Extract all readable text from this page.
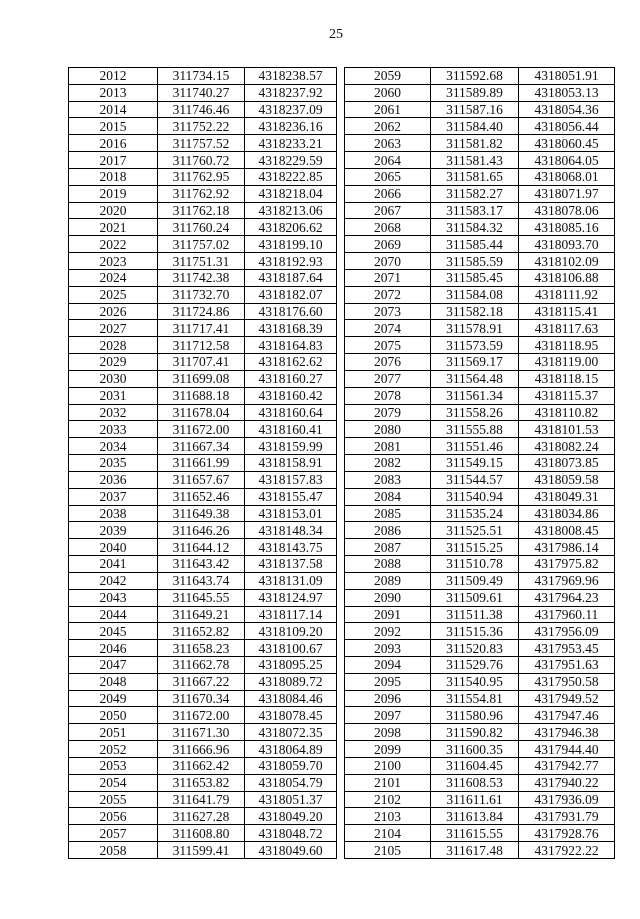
25
2012	311734.15	4318238.57
2013	311740.27	4318237.92
2014	311746.46	4318237.09
2015	311752.22	4318236.16
2016	311757.52	4318233.21
2017	311760.72	4318229.59
2018	311762.95	4318222.85
2019	311762.92	4318218.04
2020	311762.18	4318213.06
2021	311760.24	4318206.62
2022	311757.02	4318199.10
2023	311751.31	4318192.93
2024	311742.38	4318187.64
2025	311732.70	4318182.07
2026	311724.86	4318176.60
2027	311717.41	4318168.39
2028	311712.58	4318164.83
2029	311707.41	4318162.62
2030	311699.08	4318160.27
2031	311688.18	4318160.42
2032	311678.04	4318160.64
2033	311672.00	4318160.41
2034	311667.34	4318159.99
2035	311661.99	4318158.91
2036	311657.67	4318157.83
2037	311652.46	4318155.47
2038	311649.38	4318153.01
2039	311646.26	4318148.34
2040	311644.12	4318143.75
2041	311643.42	4318137.58
2042	311643.74	4318131.09
2043	311645.55	4318124.97
2044	311649.21	4318117.14
2045	311652.82	4318109.20
2046	311658.23	4318100.67
2047	311662.78	4318095.25
2048	311667.22	4318089.72
2049	311670.34	4318084.46
2050	311672.00	4318078.45
2051	311671.30	4318072.35
2052	311666.96	4318064.89
2053	311662.42	4318059.70
2054	311653.82	4318054.79
2055	311641.79	4318051.37
2056	311627.28	4318049.20
2057	311608.80	4318048.72
2058	311599.41	4318049.60
2059	311592.68	4318051.91
2060	311589.89	4318053.13
2061	311587.16	4318054.36
2062	311584.40	4318056.44
2063	311581.82	4318060.45
2064	311581.43	4318064.05
2065	311581.65	4318068.01
2066	311582.27	4318071.97
2067	311583.17	4318078.06
2068	311584.32	4318085.16
2069	311585.44	4318093.70
2070	311585.59	4318102.09
2071	311585.45	4318106.88
2072	311584.08	4318111.92
2073	311582.18	4318115.41
2074	311578.91	4318117.63
2075	311573.59	4318118.95
2076	311569.17	4318119.00
2077	311564.48	4318118.15
2078	311561.34	4318115.37
2079	311558.26	4318110.82
2080	311555.88	4318101.53
2081	311551.46	4318082.24
2082	311549.15	4318073.85
2083	311544.57	4318059.58
2084	311540.94	4318049.31
2085	311535.24	4318034.86
2086	311525.51	4318008.45
2087	311515.25	4317986.14
2088	311510.78	4317975.82
2089	311509.49	4317969.96
2090	311509.61	4317964.23
2091	311511.38	4317960.11
2092	311515.36	4317956.09
2093	311520.83	4317953.45
2094	311529.76	4317951.63
2095	311540.95	4317950.58
2096	311554.81	4317949.52
2097	311580.96	4317947.46
2098	311590.82	4317946.38
2099	311600.35	4317944.40
2100	311604.45	4317942.77
2101	311608.53	4317940.22
2102	311611.61	4317936.09
2103	311613.84	4317931.79
2104	311615.55	4317928.76
2105	311617.48	4317922.22
